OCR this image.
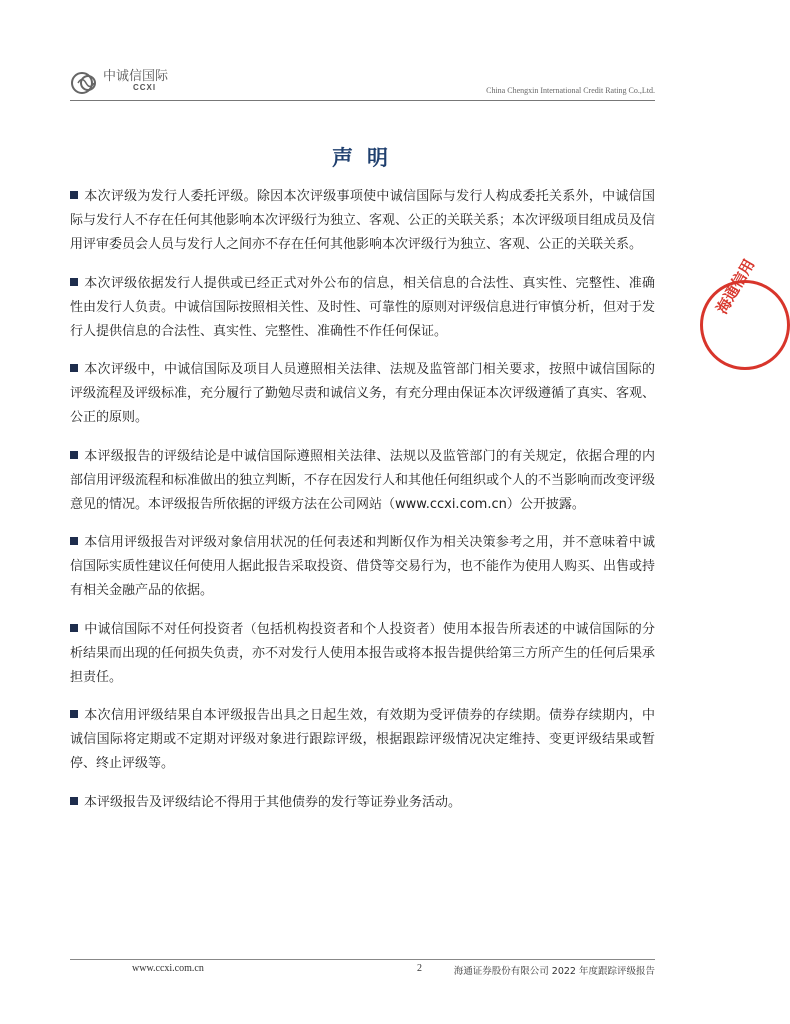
中诚信国际
CCXI	China Chengxin International Credit Rating Co.,Ltd.
声明

本次评级为发行人委托评级。除因本次评级事项使中诚信国际与发行人构成委托关系外，中诚信国际与发行人不存在任何其他影响本次评级行为独立、客观、公正的关联关系；本次评级项目组成员及信用评审委员会人员与发行人之间亦不存在任何其他影响本次评级行为独立、客观、公正的关联关系。

本次评级依据发行人提供或已经正式对外公布的信息，相关信息的合法性、真实性、完整性、准确性由发行人负责。中诚信国际按照相关性、及时性、可靠性的原则对评级信息进行审慎分析，但对于发行人提供信息的合法性、真实性、完整性、准确性不作任何保证。

本次评级中，中诚信国际及项目人员遵照相关法律、法规及监管部门相关要求，按照中诚信国际的评级流程及评级标准，充分履行了勤勉尽责和诚信义务，有充分理由保证本次评级遵循了真实、客观、公正的原则。

本评级报告的评级结论是中诚信国际遵照相关法律、法规以及监管部门的有关规定，依据合理的内部信用评级流程和标准做出的独立判断，不存在因发行人和其他任何组织或个人的不当影响而改变评级意见的情况。本评级报告所依据的评级方法在公司网站（www.ccxi.com.cn）公开披露。

本信用评级报告对评级对象信用状况的任何表述和判断仅作为相关决策参考之用，并不意味着中诚信国际实质性建议任何使用人据此报告采取投资、借贷等交易行为，也不能作为使用人购买、出售或持有相关金融产品的依据。

中诚信国际不对任何投资者（包括机构投资者和个人投资者）使用本报告所表述的中诚信国际的分析结果而出现的任何损失负责，亦不对发行人使用本报告或将本报告提供给第三方所产生的任何后果承担责任。

本次信用评级结果自本评级报告出具之日起生效，有效期为受评债券的存续期。债券存续期内，中诚信国际将定期或不定期对评级对象进行跟踪评级，根据跟踪评级情况决定维持、变更评级结果或暂停、终止评级等。

本评级报告及评级结论不得用于其他债券的发行等证券业务活动。

海通信用
www.ccxi.com.cn	2	海通证券股份有限公司 2022 年度跟踪评级报告
